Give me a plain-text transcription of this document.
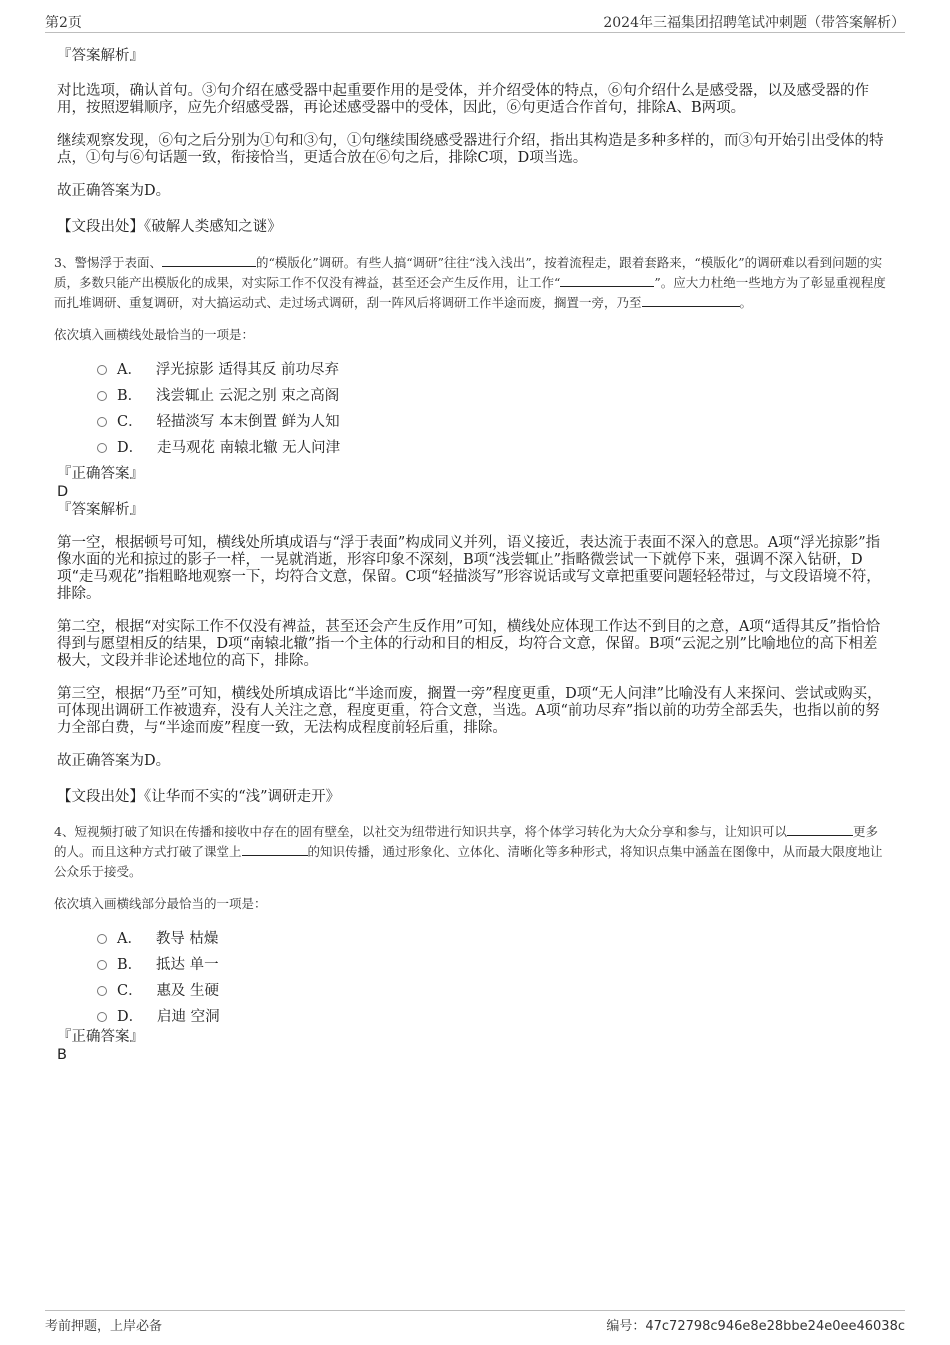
第2页	2024年三福集团招聘笔试冲刺题（带答案解析）

『答案解析』

对比选项，确认首句。③句介绍在感受器中起重要作用的是受体，并介绍受体的特点，⑥句介绍什么是感受器，以及感受器的作用，按照逻辑顺序，应先介绍感受器，再论述感受器中的受体，因此，⑥句更适合作首句，排除A、B两项。

继续观察发现，⑥句之后分别为①句和③句，①句继续围绕感受器进行介绍，指出其构造是多种多样的，而③句开始引出受体的特点，①句与⑥句话题一致，衔接恰当，更适合放在⑥句之后，排除C项，D项当选。

故正确答案为D。

【文段出处】《破解人类感知之谜》

3、警惕浮于表面、	的“模版化”调研。有些人搞“调研”往往“浅入浅出”，按着流程走，跟着套路来，“模版化”的调研难以看到问题的实质，多数只能产出模版化的成果，对实际工作不仅没有裨益，甚至还会产生反作用，让工作“	”。应大力杜绝一些地方为了彰显重视程度而扎堆调研、重复调研，对大搞运动式、走过场式调研，刮一阵风后将调研工作半途而废，搁置一旁，乃至	。

依次填入画横线处最恰当的一项是：

A． 浮光掠影 适得其反 前功尽弃
B． 浅尝辄止 云泥之别 束之高阁
C． 轻描淡写 本末倒置 鲜为人知
D． 走马观花 南辕北辙 无人问津

『正确答案』

D

『答案解析』

第一空，根据顿号可知，横线处所填成语与“浮于表面”构成同义并列，语义接近，表达流于表面不深入的意思。A项“浮光掠影”指像水面的光和掠过的影子一样，一晃就消逝，形容印象不深刻，B项“浅尝辄止”指略微尝试一下就停下来，强调不深入钻研，D项“走马观花”指粗略地观察一下，均符合文意，保留。C项“轻描淡写”形容说话或写文章把重要问题轻轻带过，与文段语境不符，排除。

第二空，根据“对实际工作不仅没有裨益，甚至还会产生反作用”可知，横线处应体现工作达不到目的之意，A项“适得其反”指恰恰得到与愿望相反的结果，D项“南辕北辙”指一个主体的行动和目的相反，均符合文意，保留。B项“云泥之别”比喻地位的高下相差极大，文段并非论述地位的高下，排除。

第三空，根据“乃至”可知，横线处所填成语比“半途而废，搁置一旁”程度更重，D项“无人问津”比喻没有人来探问、尝试或购买，可体现出调研工作被遗弃，没有人关注之意，程度更重，符合文意，当选。A项“前功尽弃”指以前的功劳全部丢失，也指以前的努力全部白费，与“半途而废”程度一致，无法构成程度前轻后重，排除。

故正确答案为D。

【文段出处】《让华而不实的“浅”调研走开》

4、短视频打破了知识在传播和接收中存在的固有壁垒，以社交为纽带进行知识共享，将个体学习转化为大众分享和参与，让知识可以	更多的人。而且这种方式打破了课堂上	的知识传播，通过形象化、立体化、清晰化等多种形式，将知识点集中涵盖在图像中，从而最大限度地让公众乐于接受。

依次填入画横线部分最恰当的一项是：

A． 教导 枯燥
B． 抵达 单一
C． 惠及 生硬
D． 启迪 空洞

『正确答案』

B

考前押题，上岸必备	编号：47c72798c946e8e28bbe24e0ee46038c
